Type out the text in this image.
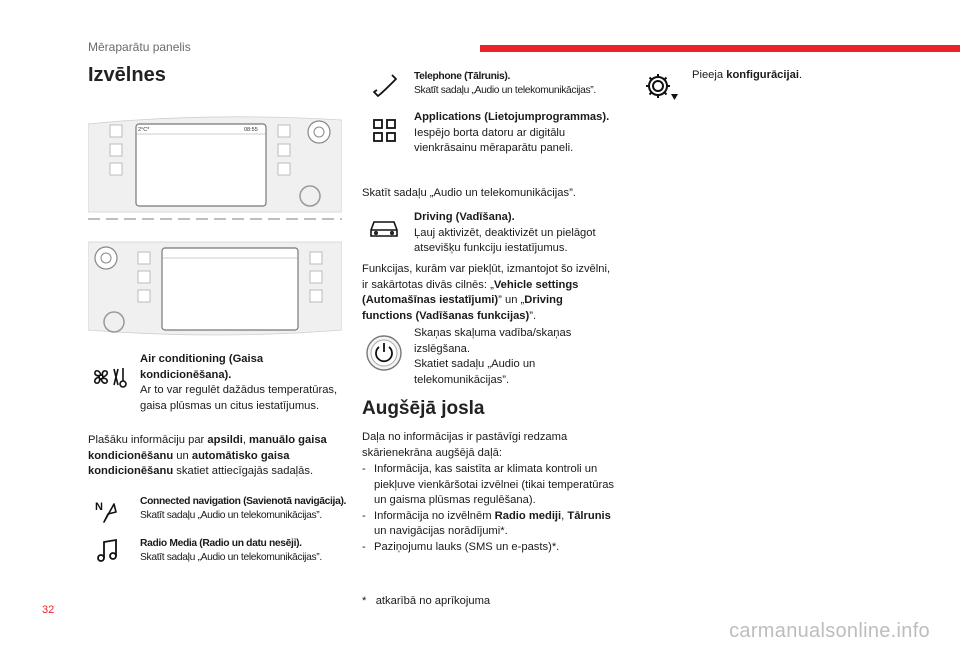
Mēraparātu panelis
Izvēlnes
2°C*	08:55
Air conditioning (Gaisa kondicionēšana).
Ar to var regulēt dažādus temperatūras, gaisa plūsmas un citus iestatījumus.
Plašāku informāciju par apsildi, manuālo gaisa kondicionēšanu un automātisko gaisa kondicionēšanu skatiet attiecīgajās sadaļās.
N	Connected navigation (Savienotā navigācija).
Skatīt sadaļu „Audio un telekomunikācijas”.
Radio Media (Radio un datu nesēji).
Skatīt sadaļu „Audio un telekomunikācijas”.
Telephone (Tālrunis).
Skatīt sadaļu „Audio un telekomunikācijas”.
Applications (Lietojumprogrammas).
Iespējo borta datoru ar digitālu vienkrāsainu mēraparātu paneli.
Skatīt sadaļu „Audio un telekomunikācijas”.
Driving (Vadīšana).
Ļauj aktivizēt, deaktivizēt un pielāgot atsevišķu funkciju iestatījumus.
Funkcijas, kurām var piekļūt, izmantojot šo izvēlni, ir sakārtotas divās cilnēs: „Vehicle settings (Automašīnas iestatījumi)” un „Driving functions (Vadīšanas funkcijas)”.
Skaņas skaļuma vadība/skaņas izslēgšana.
Skatiet sadaļu „Audio un telekomunikācijas”.
Augšējā josla
Daļa no informācijas ir pastāvīgi redzama skārienekrāna augšējā daļā:
- Informācija, kas saistīta ar klimata kontroli un piekļuve vienkāršotai izvēlnei (tikai temperatūras un gaisma plūsmas regulēšana).
- Informācija no izvēlnēm Radio mediji, Tālrunis un navigācijas norādījumi*.
- Paziņojumu lauks (SMS un e-pasts)*.
* atkarībā no aprīkojuma
Pieeja konfigurācijai.
32
carmanualsonline.info
